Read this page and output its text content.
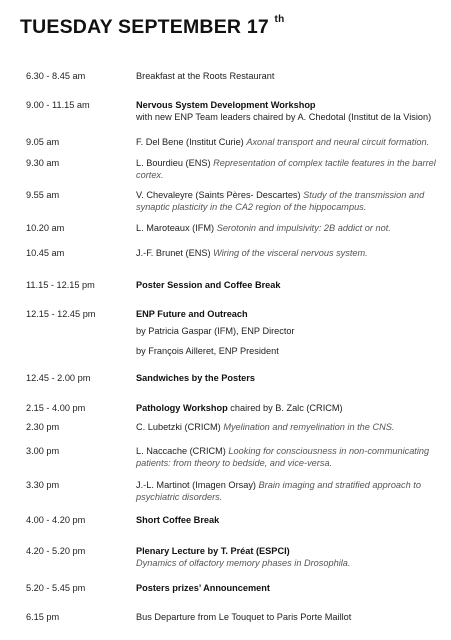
TUESDAY SEPTEMBER 17 $^{th}$
6.30 - 8.45 am	Breakfast at the Roots Restaurant
9.00 - 11.15 am	Nervous System Development Workshop
with new ENP Team leaders chaired by A. Chedotal (Institut de la Vision)
9.05 am	F. Del Bene (Institut Curie) Axonal transport and neural circuit formation.
9.30 am	L. Bourdieu (ENS) Representation of complex tactile features in the barrel cortex.
9.55 am	V. Chevaleyre (Saints Pères- Descartes) Study of the transmission and synaptic plasticity in the CA2 region of the hippocampus.
10.20 am	L. Maroteaux (IFM) Serotonin and impulsivity: 2B addict or not.
10.45 am	J.-F. Brunet (ENS) Wiring of the visceral nervous system.
11.15 - 12.15 pm	Poster Session and Coffee Break
12.15 - 12.45 pm	ENP Future and Outreach
by Patricia Gaspar (IFM), ENP Director
by François Ailleret, ENP President
12.45 - 2.00 pm	Sandwiches by the Posters
2.15 - 4.00 pm	Pathology Workshop chaired by B. Zalc (CRICM)
2.30 pm	C. Lubetzki (CRICM) Myelination and remyelination in the CNS.
3.00 pm	L. Naccache (CRICM) Looking for consciousness in non-communicating patients: from theory to bedside, and vice-versa.
3.30 pm	J.-L. Martinot (Imagen Orsay) Brain imaging and stratified approach to psychiatric disorders.
4.00 - 4.20 pm	Short Coffee Break
4.20 - 5.20 pm	Plenary Lecture by T. Préat (ESPCI)
Dynamics of olfactory memory phases in Drosophila.
5.20 - 5.45 pm	Posters prizes’ Announcement
6.15 pm	Bus Departure from Le Touquet to Paris Porte Maillot
